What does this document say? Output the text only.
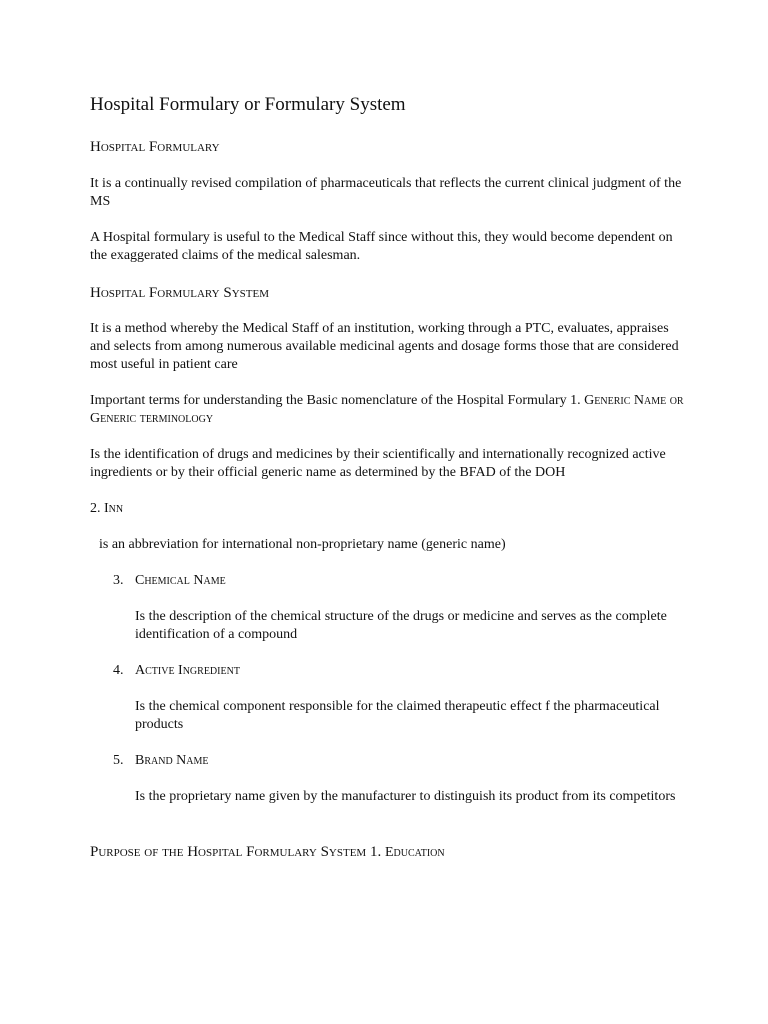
Hospital Formulary or Formulary System
Hospital Formulary

It is a continually revised compilation of pharmaceuticals that reflects the current clinical judgment of the MS

A Hospital formulary is useful to the Medical Staff since without this, they would become dependent on the exaggerated claims of the medical salesman.

Hospital Formulary System

It is a method whereby the Medical Staff of an institution, working through a PTC, evaluates, appraises and selects from among numerous available medicinal agents and dosage forms those that are considered most useful in patient care

Important terms for understanding the Basic nomenclature of the Hospital Formulary 1. Generic Name or Generic terminology

Is the identification of drugs and medicines by their scientifically and internationally recognized active ingredients or by their official generic name as determined by the BFAD of the DOH

2. Inn

is an abbreviation for international non-proprietary name (generic name)

3. Chemical Name

Is the description of the chemical structure of the drugs or medicine and serves as the complete identification of a compound

4. Active Ingredient

Is the chemical component responsible for the claimed therapeutic effect f the pharmaceutical products

5. Brand Name

Is the proprietary name given by the manufacturer to distinguish its product from its competitors

Purpose of the Hospital Formulary System 1. Education
